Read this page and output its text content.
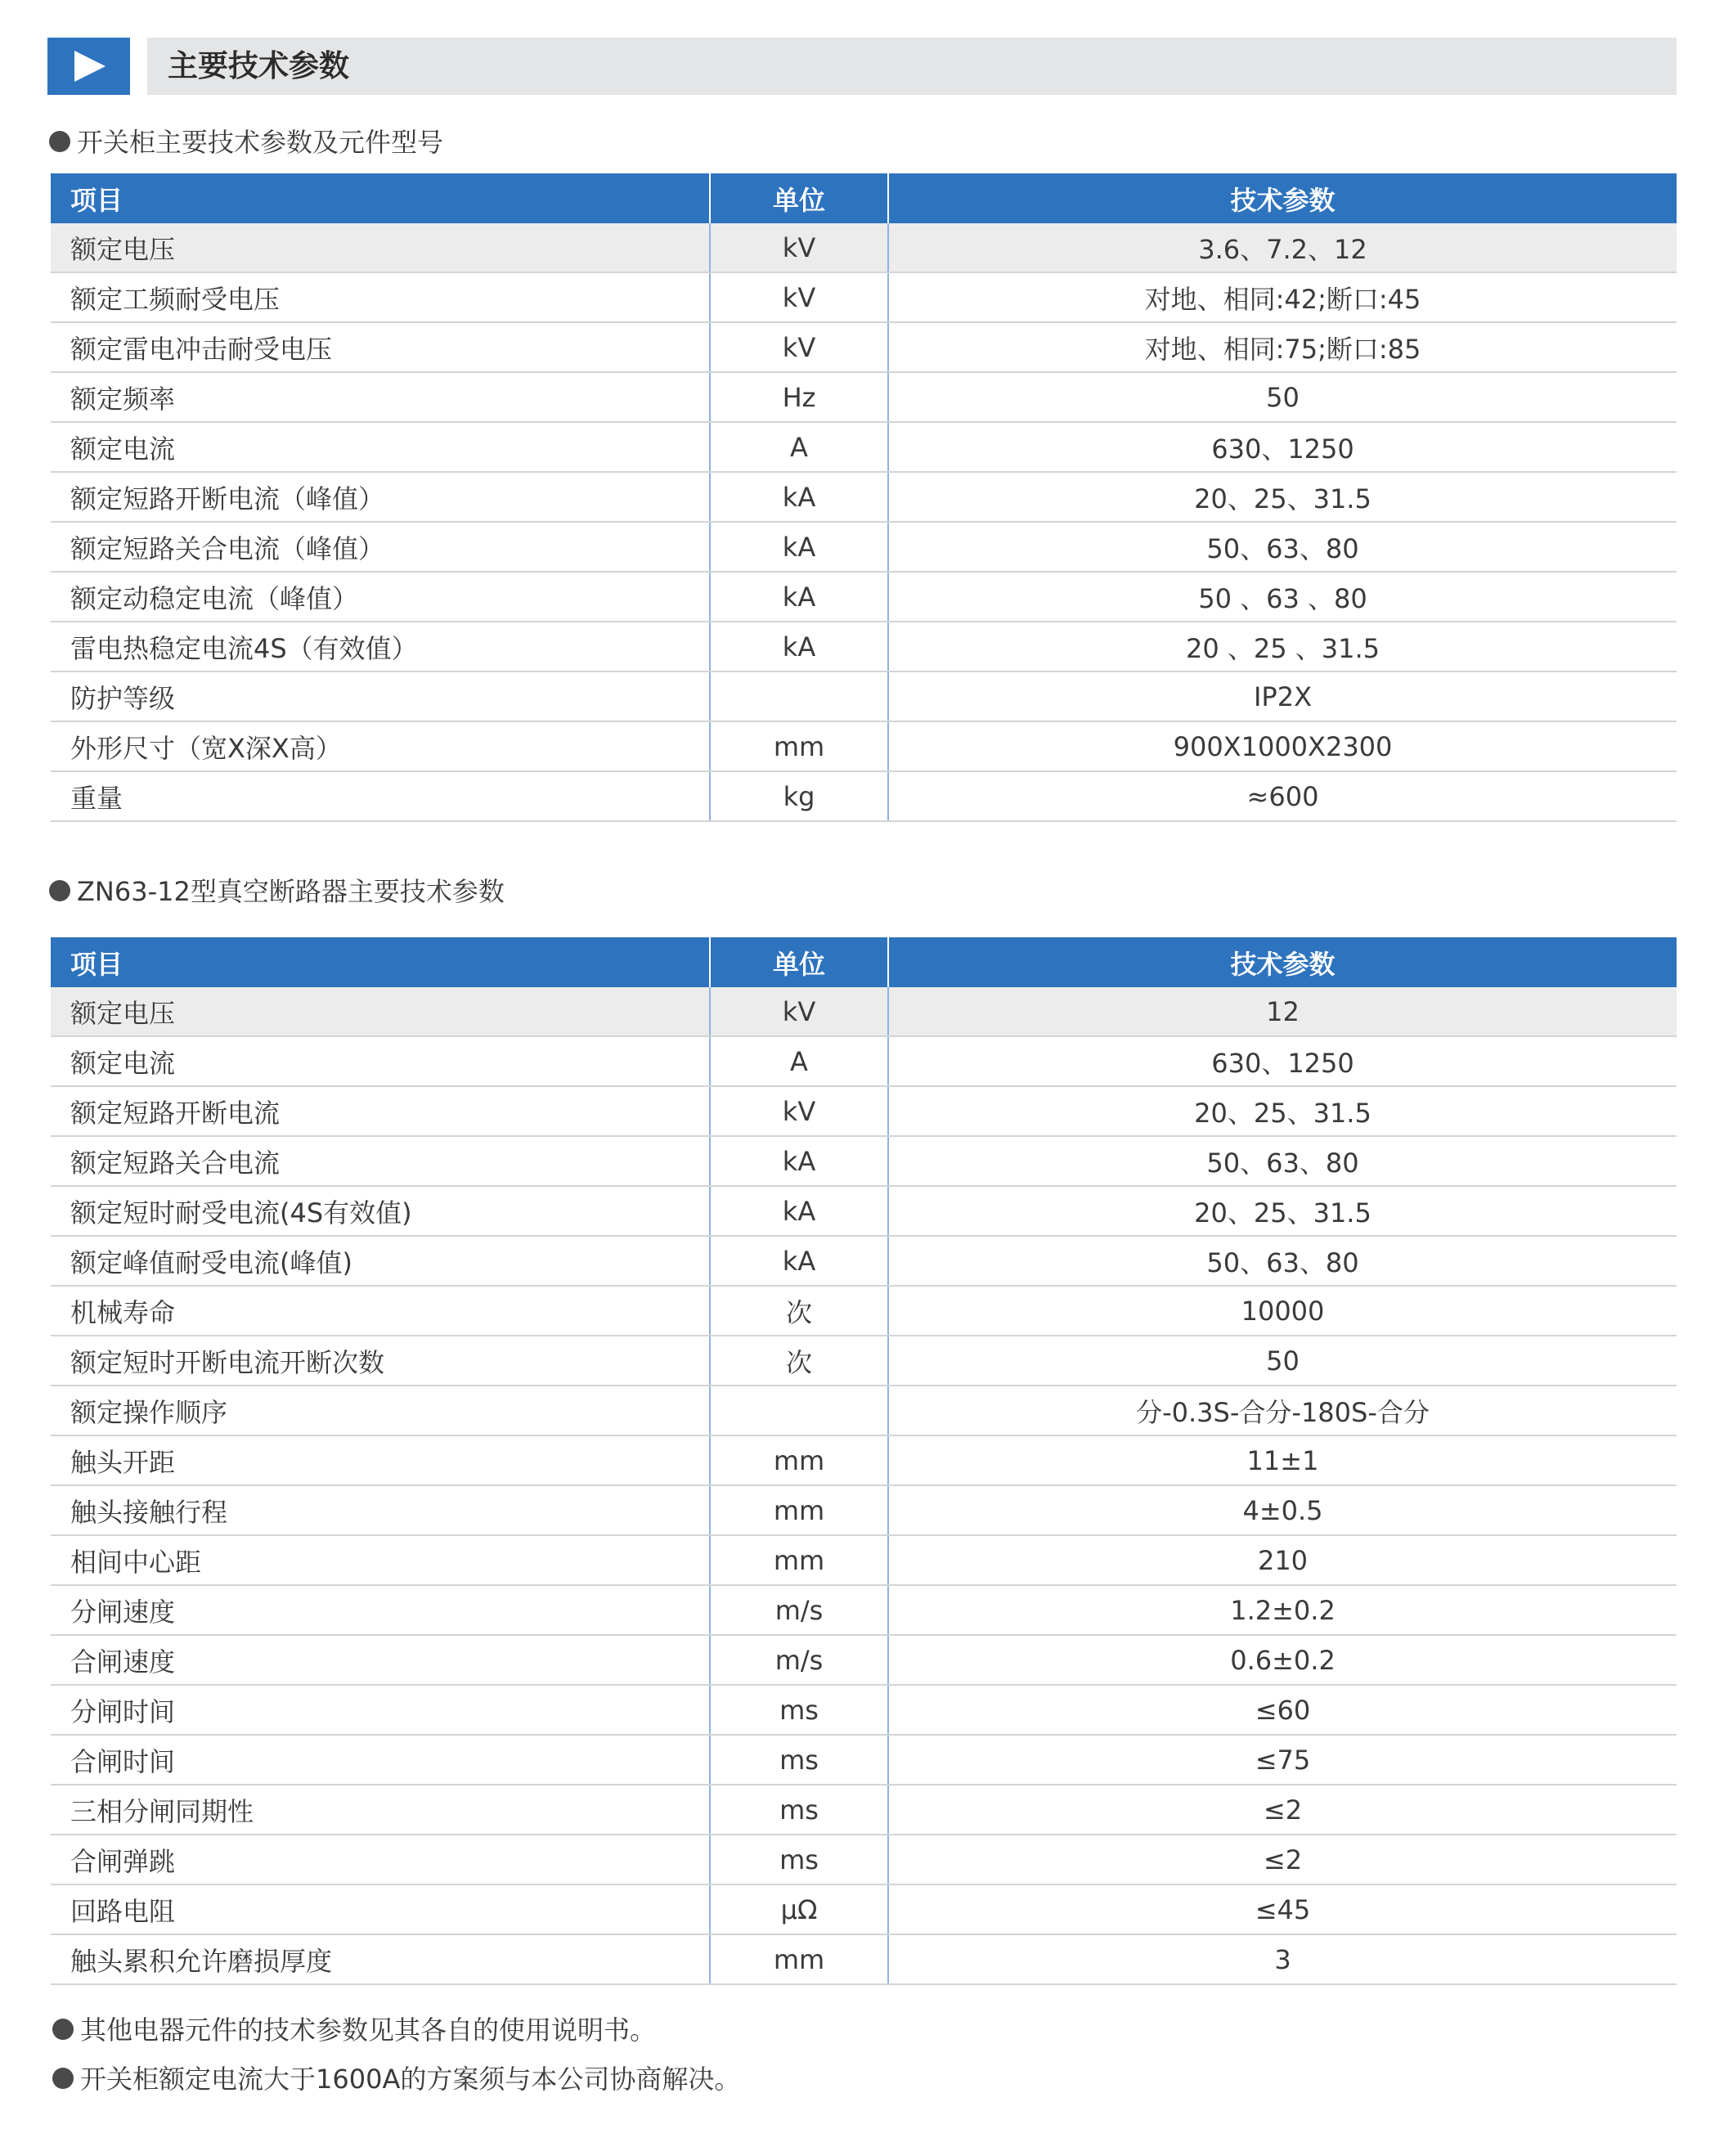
主要技术参数

开关柜主要技术参数及元件型号

项目	单位	技术参数
额定电压	kV	3.6、7.2、12
额定工频耐受电压	kV	对地、相同:42;断口:45
额定雷电冲击耐受电压	kV	对地、相同:75;断口:85
额定频率	Hz	50
额定电流	A	630、1250
额定短路开断电流（峰值）	kA	20、25、31.5
额定短路关合电流（峰值）	kA	50、63、80
额定动稳定电流（峰值）	kA	50 、63 、80
雷电热稳定电流4S（有效值）	kA	20 、25 、31.5
防护等级		IP2X
外形尺寸（宽X深X高）	mm	900X1000X2300
重量	kg	≈600

ZN63-12型真空断路器主要技术参数

项目	单位	技术参数
额定电压	kV	12
额定电流	A	630、1250
额定短路开断电流	kV	20、25、31.5
额定短路关合电流	kA	50、63、80
额定短时耐受电流(4S有效值)	kA	20、25、31.5
额定峰值耐受电流(峰值)	kA	50、63、80
机械寿命	次	10000
额定短时开断电流开断次数	次	50
额定操作顺序		分-0.3S-合分-180S-合分
触头开距	mm	11±1
触头接触行程	mm	4±0.5
相间中心距	mm	210
分闸速度	m/s	1.2±0.2
合闸速度	m/s	0.6±0.2
分闸时间	ms	≤60
合闸时间	ms	≤75
三相分闸同期性	ms	≤2
合闸弹跳	ms	≤2
回路电阻	μΩ	≤45
触头累积允许磨损厚度	mm	3

其他电器元件的技术参数见其各自的使用说明书。

开关柜额定电流大于1600A的方案须与本公司协商解决。
